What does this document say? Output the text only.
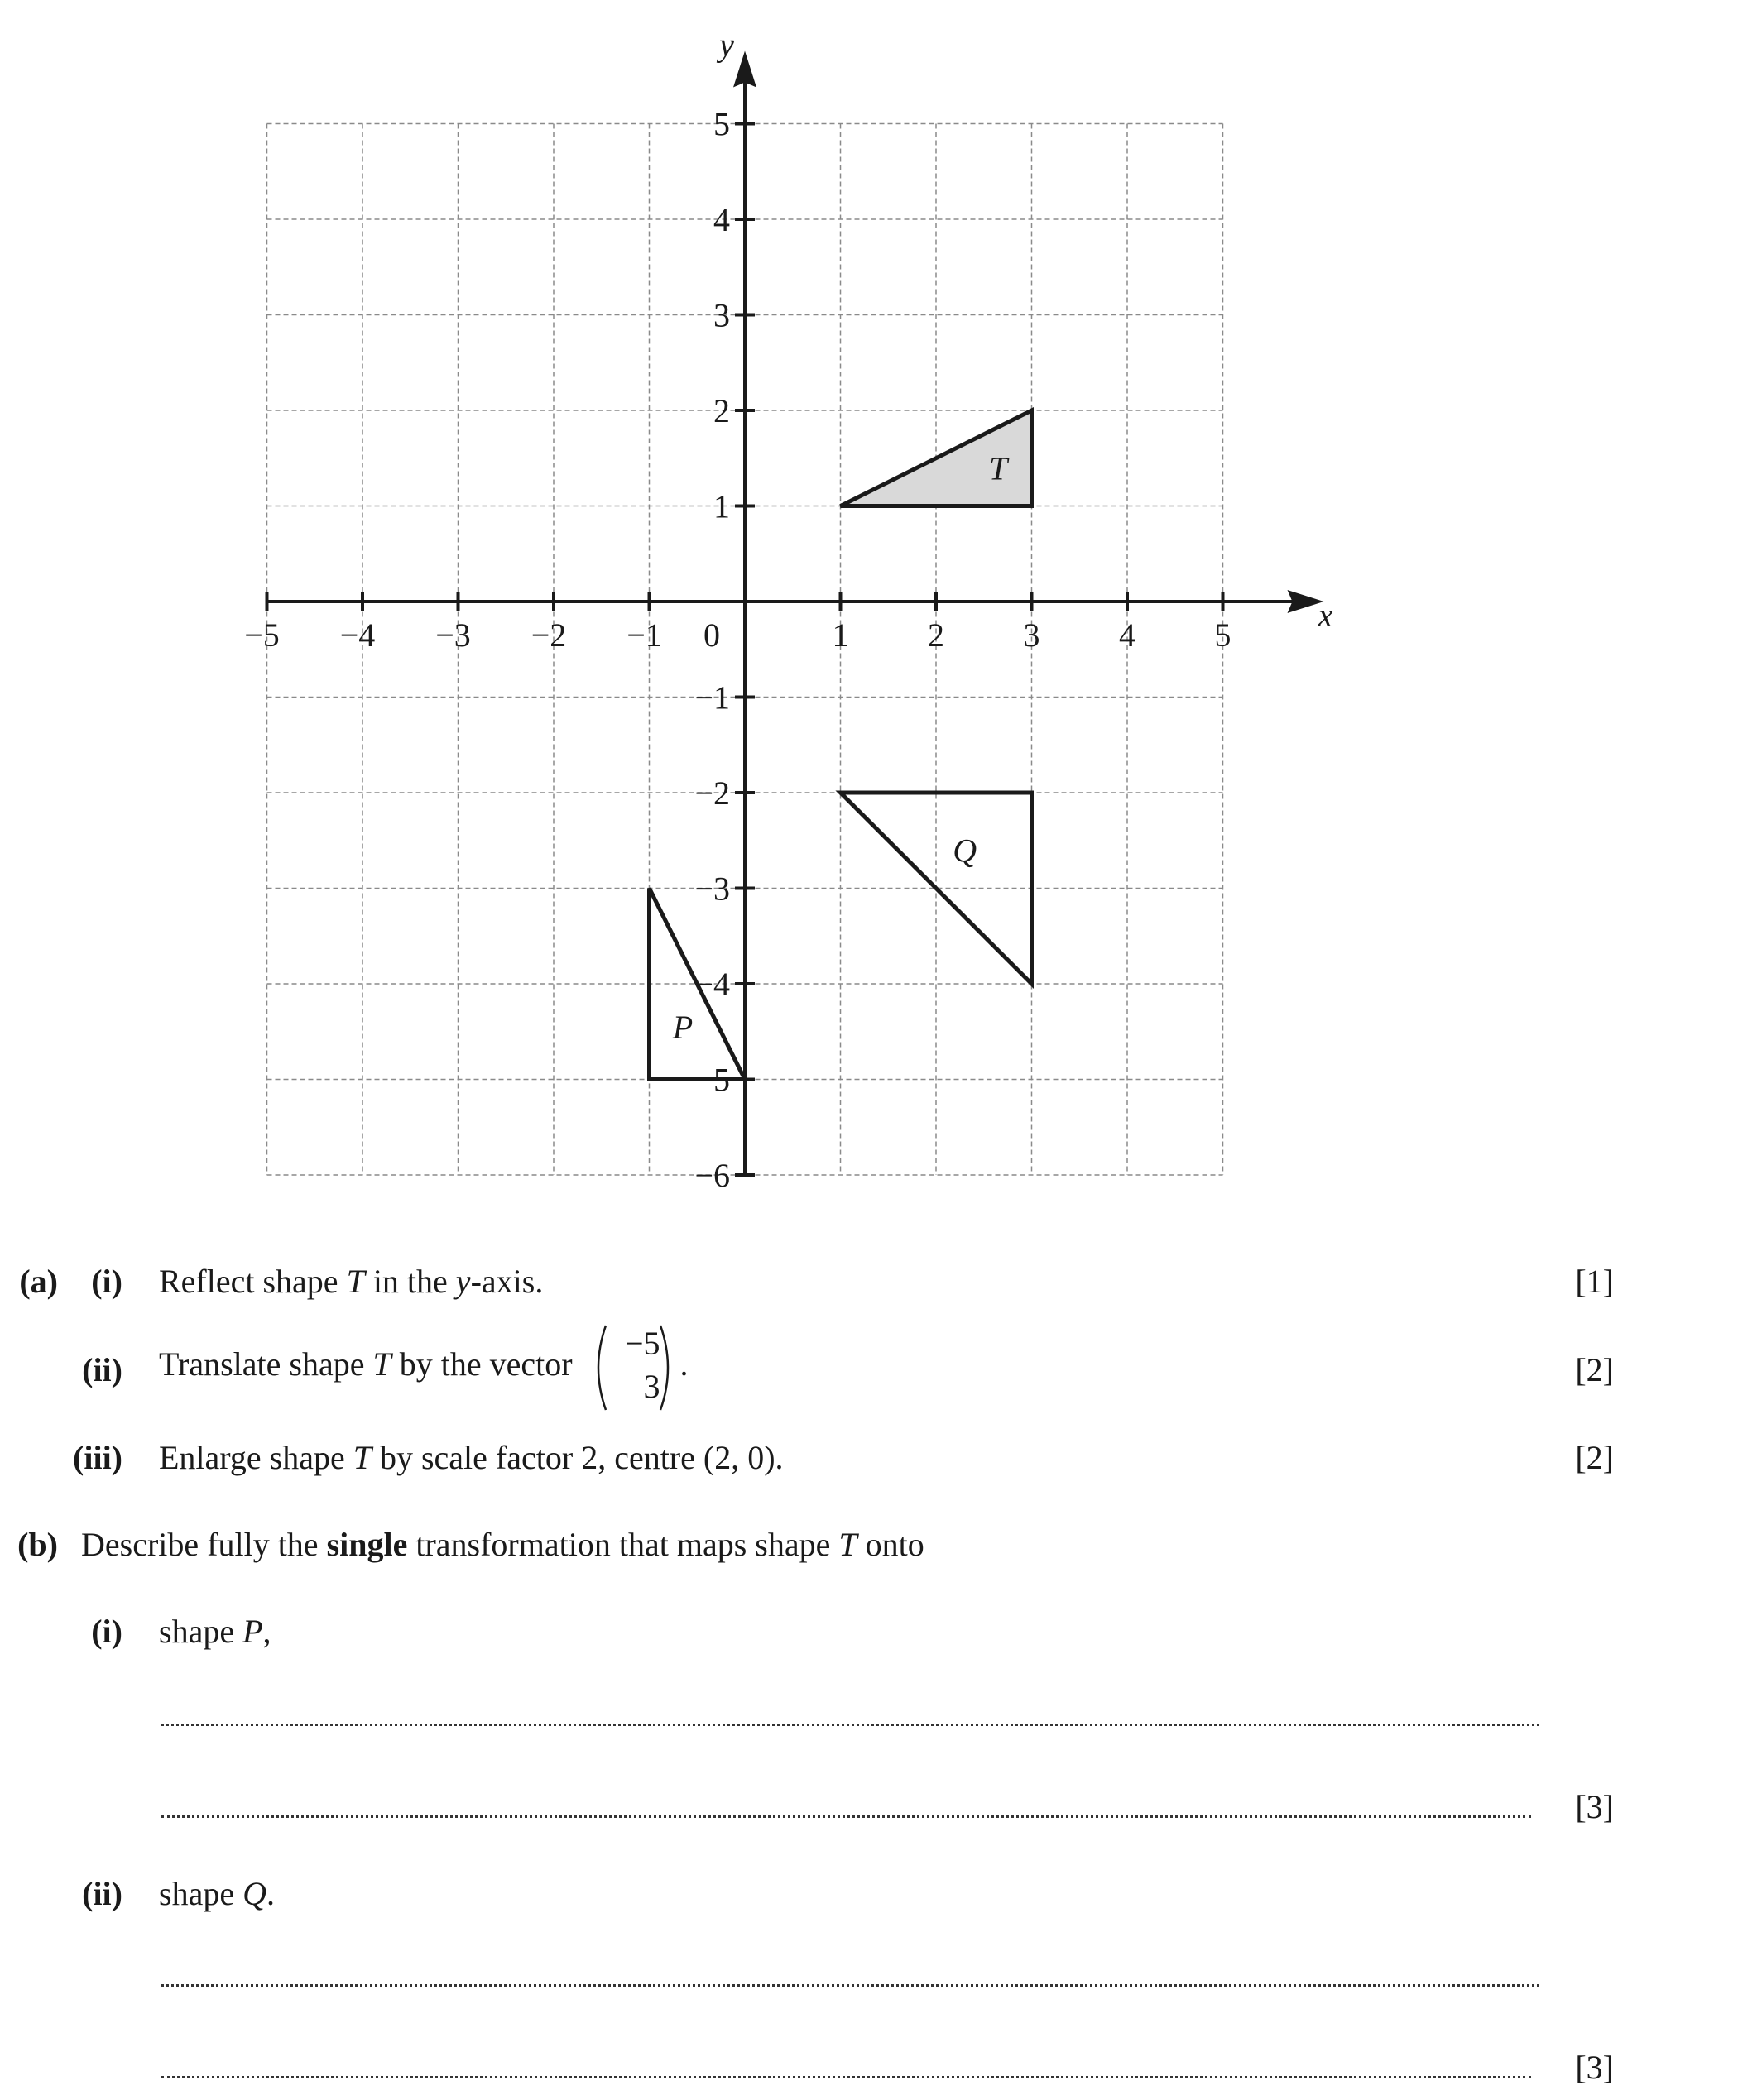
−5 −4 −3 −2 −1	1 2 3 4 5
5
4
3
2
1
−1
−2
−3
−4
−5
−6
0
x
y
T
Q
P
(a)	(i) Reflect shape T in the y-axis.	[1]
(ii) Translate shape T by the vector
−5
3
.	[2]
(iii) Enlarge shape T by scale factor 2, centre (2, 0).	[2]
(b) Describe fully the single transformation that maps shape T onto
(i) shape P,
[3]
(ii) shape Q.
[3]
